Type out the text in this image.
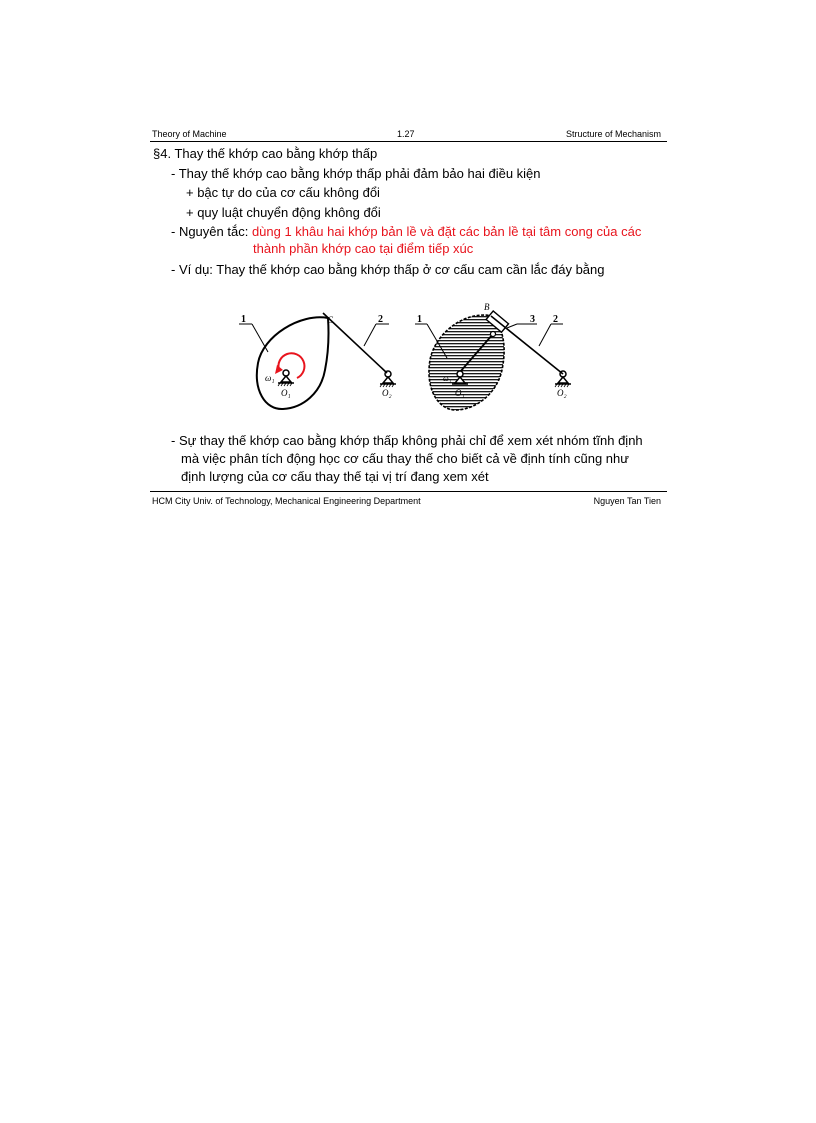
Theory of Machine	1.27	Structure of Mechanism
§4. Thay thế khớp cao bằng khớp thấp
- Thay thế khớp cao bằng khớp thấp phải đảm bảo hai điều kiện
+ bậc tự do của cơ cấu không đổi
+ quy luật chuyển động không đổi
- Nguyên tắc: dùng 1 khâu hai khớp bản lề và đặt các bản lề tại tâm cong của các
thành phần khớp cao tại điểm tiếp xúc
- Ví dụ: Thay thế khớp cao bằng khớp thấp ở cơ cấu cam cần lắc đáy bằng
1	2
C
ω₁
O₁	O₂
B
1	3 2
ω₁
O₁	O₂
- Sự thay thế khớp cao bằng khớp thấp không phải chỉ để xem xét nhóm tĩnh định
mà việc phân tích động học cơ cấu thay thế cho biết cả về định tính cũng như
định lượng của cơ cấu thay thế tại vị trí đang xem xét
HCM City Univ. of Technology, Mechanical Engineering Department	Nguyen Tan Tien
